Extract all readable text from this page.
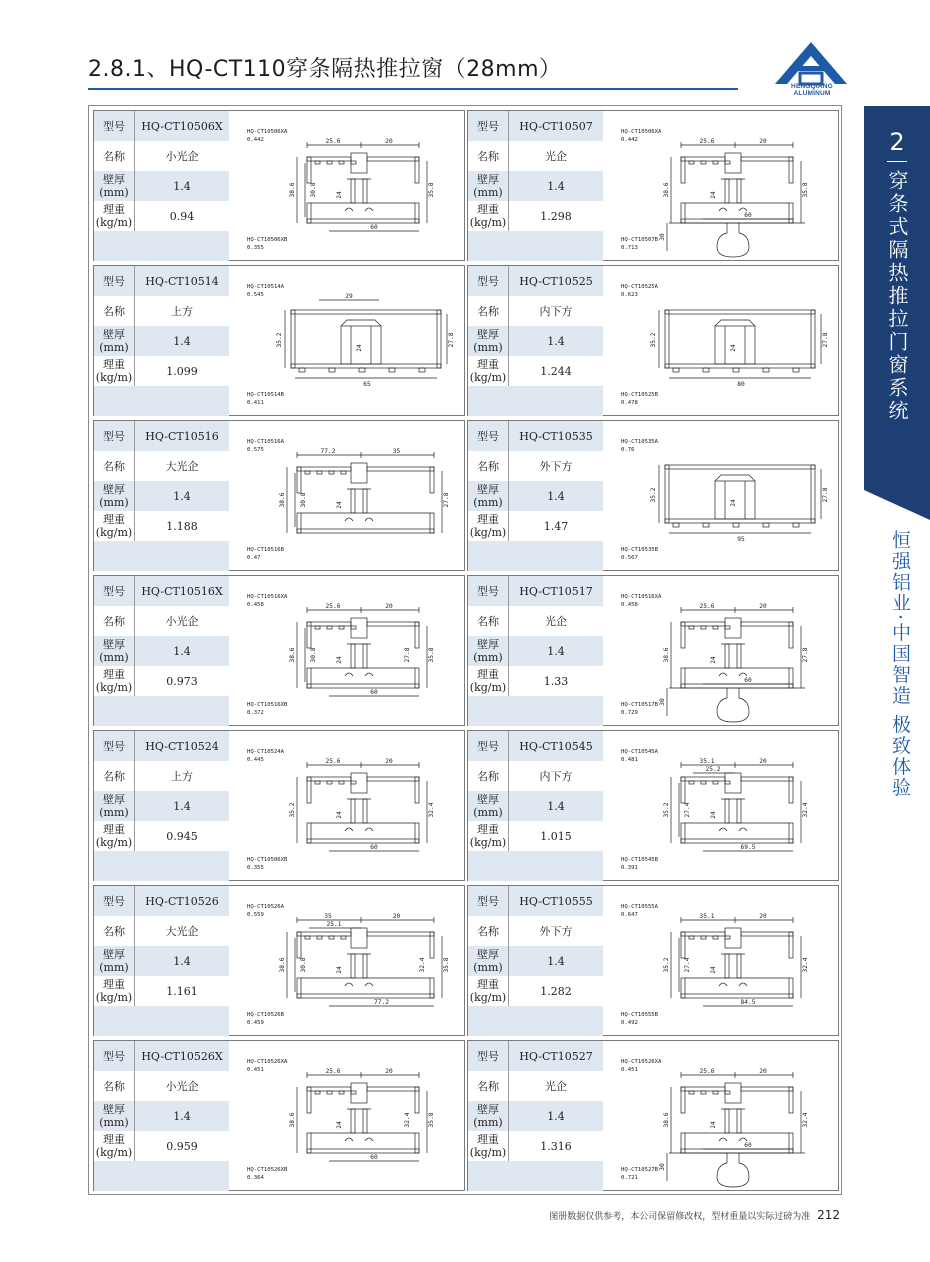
2.8.1、HQ-CT110穿条隔热推拉窗（28mm）
HENGQIANG ALUMINUM
2
穿条式隔热推拉门窗系统
恒强铝业·中国智造 极致体验
型号	HQ-CT10506X
名称	小光企
壁厚
(mm)	1.4
理重
(kg/m)	0.94
HQ-CT10506XA
0.442
HQ-CT10506XB
0.355
25.6	20
38.6 30.8	24	35.8
60
型号	HQ-CT10507
名称	光企
壁厚
(mm)	1.4
理重
(kg/m)	1.298
HQ-CT10506XA
0.442
HQ-CT10507B
0.713
25.6	20
38.6	24	35.8
60
30
型号	HQ-CT10514
名称	上方
壁厚
(mm)	1.4
理重
(kg/m)	1.099
HQ-CT10514A
0.545
HQ-CT10514B
0.411
35.2	27.8
24
65
29
型号	HQ-CT10525
名称	内下方
壁厚
(mm)	1.4
理重
(kg/m)	1.244
HQ-CT10525A
0.623
HQ-CT10525B
0.478
35.2	27.8
24
80
型号	HQ-CT10516
名称	大光企
壁厚
(mm)	1.4
理重
(kg/m)	1.188
HQ-CT10516A
0.575
HQ-CT10516B
0.47
77.2	35
38.6 30.8	24	27.8
型号	HQ-CT10535
名称	外下方
壁厚
(mm)	1.4
理重
(kg/m)	1.47
HQ-CT10535A
0.76
HQ-CT10535B
0.567
35.2	27.8
24
95
型号	HQ-CT10516X
名称	小光企
壁厚
(mm)	1.4
理重
(kg/m)	0.973
HQ-CT10516XA
0.458
HQ-CT10516XB
0.372
25.6	20
38.6 30.8	24	35.8
27.8
60
型号	HQ-CT10517
名称	光企
壁厚
(mm)	1.4
理重
(kg/m)	1.33
HQ-CT10516XA
0.458
HQ-CT10517B
0.729
25.6	20
38.6	24	27.8
60
30
型号	HQ-CT10524
名称	上方
壁厚
(mm)	1.4
理重
(kg/m)	0.945
HQ-CT10524A
0.445
HQ-CT10506XB
0.355
25.6	20
35.2	24	32.4
60
型号	HQ-CT10545
名称	内下方
壁厚
(mm)	1.4
理重
(kg/m)	1.015
HQ-CT10545A
0.481
HQ-CT10545B
0.391
35.1	20
25.2
35.2 27.4	24	32.4
69.5
型号	HQ-CT10526
名称	大光企
壁厚
(mm)	1.4
理重
(kg/m)	1.161
HQ-CT10526A
0.559
HQ-CT10526B
0.459
35	20
25.1
38.6 30.8	24	35.8
32.4
77.2
型号	HQ-CT10555
名称	外下方
壁厚
(mm)	1.4
理重
(kg/m)	1.282
HQ-CT10555A
0.647
HQ-CT10555B
0.492
35.1	20
35.2 27.4	24	32.4
84.5
型号	HQ-CT10526X
名称	小光企
壁厚
(mm)	1.4
理重
(kg/m)	0.959
HQ-CT10526XA
0.451
HQ-CT10526XB
0.364
25.6	20
38.6	24	35.8
32.4
60
型号	HQ-CT10527
名称	光企
壁厚
(mm)	1.4
理重
(kg/m)	1.316
HQ-CT10526XA
0.451
HQ-CT10527B
0.721
25.6	20
38.6	24	32.4
60
30
图册数据仅供参考，本公司保留修改权，型材重量以实际过磅为准 212
